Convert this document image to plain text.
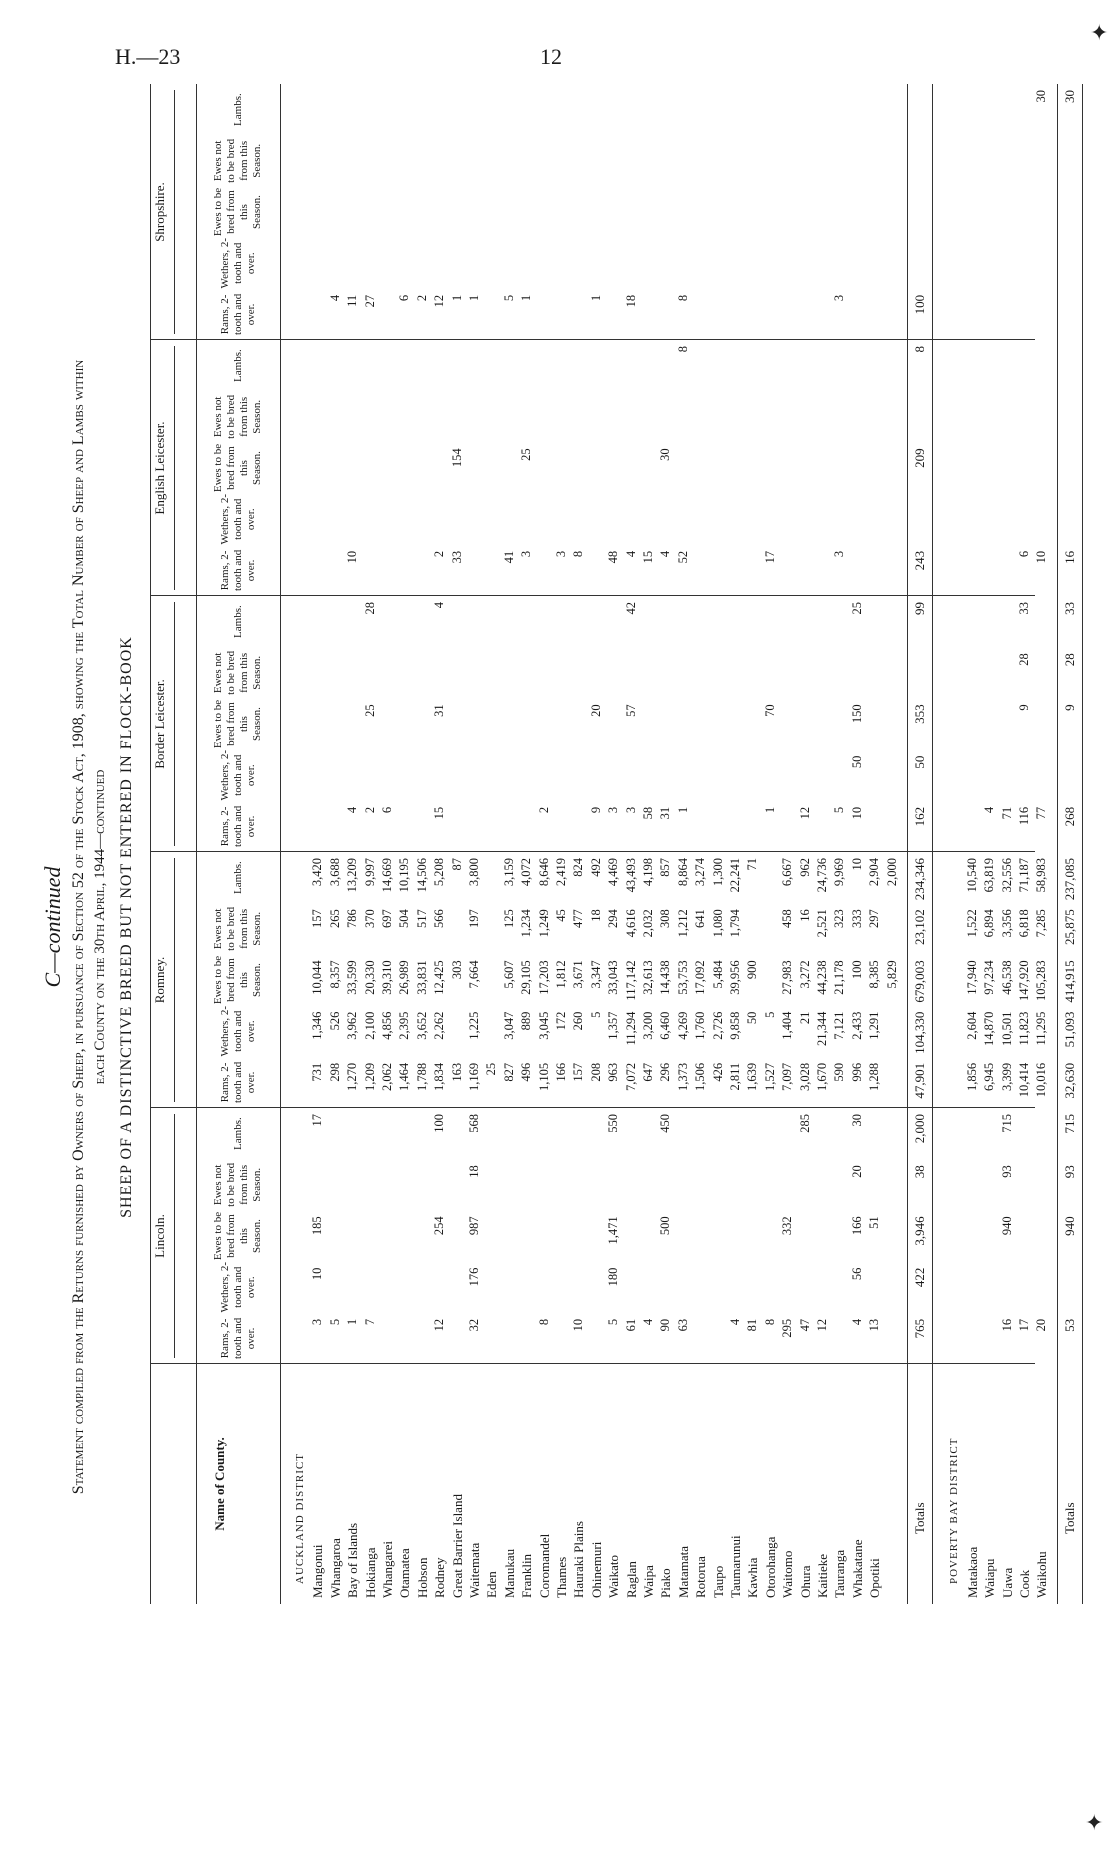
H.—23	12
C—continued Statement compiled from the Returns furnished by Owners of Sheep, in pursuance of Section 52 of the Stock Act, 1908, showing the Total Number of Sheep and Lambs within each County on the 30th April, 1944—continued SHEEP OF A DISTINCTIVE BREED BUT NOT ENTERED IN FLOCK-BOOK
Name of County.
Lincoln.
Rams, 2-tooth and over.
Wethers, 2-tooth and over.
Ewes to be bred from this Season.
Ewes not to be bred from this Season.
Lambs.
Romney.
Rams, 2-tooth and over.
Wethers, 2-tooth and over.
Ewes to be bred from this Season.
Ewes not to be bred from this Season.
Lambs.
Border Leicester.
Rams, 2-tooth and over.
Wethers, 2-tooth and over.
Ewes to be bred from this Season.
Ewes not to be bred from this Season.
Lambs.
English Leicester.
Rams, 2-tooth and over.
Wethers, 2-tooth and over.
Ewes to be bred from this Season.
Ewes not to be bred from this Season.
Lambs.
Shropshire.
Rams, 2-tooth and over.
Wethers, 2-tooth and over.
Ewes to be bred from this Season.
Ewes not to be bred from this Season.
Lambs.
AUCKLAND DISTRICT Mangonui
3
10
185
17
731
1,346
10,044
157
3,420
Whangaroa
5
298
526
8,357
265
3,688
4
Bay of Islands
1
1,270
3,962
33,599
786
13,209
4
10
11
Hokianga
7
1,209
2,100
20,330
370
9,997
2
25
28
27
Whangarei
2,062
4,856
39,310
697
14,669
6
Otamatea
1,464
2,395
26,989
504
10,195
6
Hobson
1,788
3,652
33,831
517
14,506
2
Rodney
12
254
100
1,834
2,262
12,425
566
5,208
15
31
4
2
12
Great Barrier Island
163
303
87
33
154
1
Waitemata
32
176
987
18
568
1,169
1,225
7,664
197
3,800
1
Eden
25
Manukau
827
3,047
5,607
125
3,159
41
5
Franklin
496
889
29,105
1,234
4,072
3
25
1
Coromandel
8
1,105
3,045
17,203
1,249
8,646
2
Thames
166
172
1,812
45
2,419
3
Hauraki Plains
10
157
260
3,671
477
824
8
Ohinemuri
208
5
3,347
18
492
9
20
1
Waikato
5
180
1,471
550
963
1,357
33,043
294
4,469
3
48
Raglan
61
7,072
11,294
117,142
4,616
43,493
3
57
42
4
18
Waipa
4
647
3,200
32,613
2,032
4,198
58
15
Piako
90
500
450
296
6,460
14,438
308
857
31
4
30
Matamata
63
1,373
4,269
53,753
1,212
8,864
1
52
8
8
Rotorua
1,506
1,760
17,092
641
3,274
Taupo
426
2,726
5,484
1,080
1,300
Taumarunui
4
2,811
9,858
39,956
1,794
22,241
Kawhia
81
1,639
50
900
71
Otorohanga
8
1,527
5
1
70
17
Waitomo
295
332
7,097
1,404
27,983
458
6,667
Ohura
47
285
3,028
21
3,272
16
962
12
Kaitieke
12
1,670
21,344
44,238
2,521
24,736
Tauranga
590
7,121
21,178
323
9,969
5
3
3
Whakatane
4
56
166
20
30
996
2,433
100
333
10
10
50
150
25
Opotiki
13
51
1,288
1,291
8,385
297
2,904
5,829
2,000
Totals
765
422
3,946
38
2,000
47,901
104,330
679,003
23,102
234,346
162
50
353
99
243
209
8
100
POVERTY BAY DISTRICT Matakaoa
1,856
2,604
17,940
1,522
10,540
Waiapu
6,945
14,870
97,234
6,894
63,819
4
Uawa
16
940
93
715
3,399
10,501
46,538
3,356
32,556
71
Cook
17
10,414
11,823
147,920
6,818
71,187
116
9
28
33
6
Waikohu
20
10,016
11,295
105,283
7,285
58,983
77
10
30
Totals
53
940
93
715
32,630
51,093
414,915
25,875
237,085
268
9
28
33
16
30
✦
✦
